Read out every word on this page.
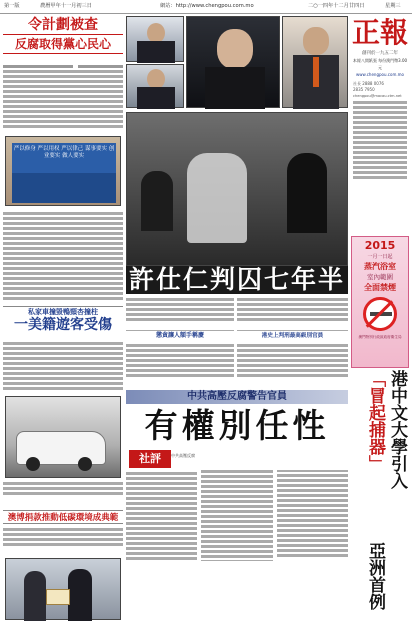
第一版	農曆甲年十一月初三日	網站：http://www.chengpou.com.mo	二○一四年十二月廿四日	星期三
令計劃被查
反腐取得黨心民心
严以修身 严以用权 严以律己 谋事要实 创业要实 做人要实
私家車撞毀鴨頸杏撞柱
一美籍遊客受傷
澳博捐款推動低碳環境成典範
許仕仁判囚七年半
懲貪讓人額手稱慶	港史上判刑最高級別官員
中共高壓反腐警告官員
有權別任性
社評	中共高壓反腐
正報
創刊於一九五二年
本報八開紙張 每份澳門幣3.00元
www.chengpou.com.mo
社長 2888 0076
2835 7950
chengpou@macau.ctm.net
2015
一月一日起
蒸汽浴室
室內範圍
全面禁煙
澳門特別行政區政府衛生局
港中文大學引入
「冒起捕器」
亞洲首例
